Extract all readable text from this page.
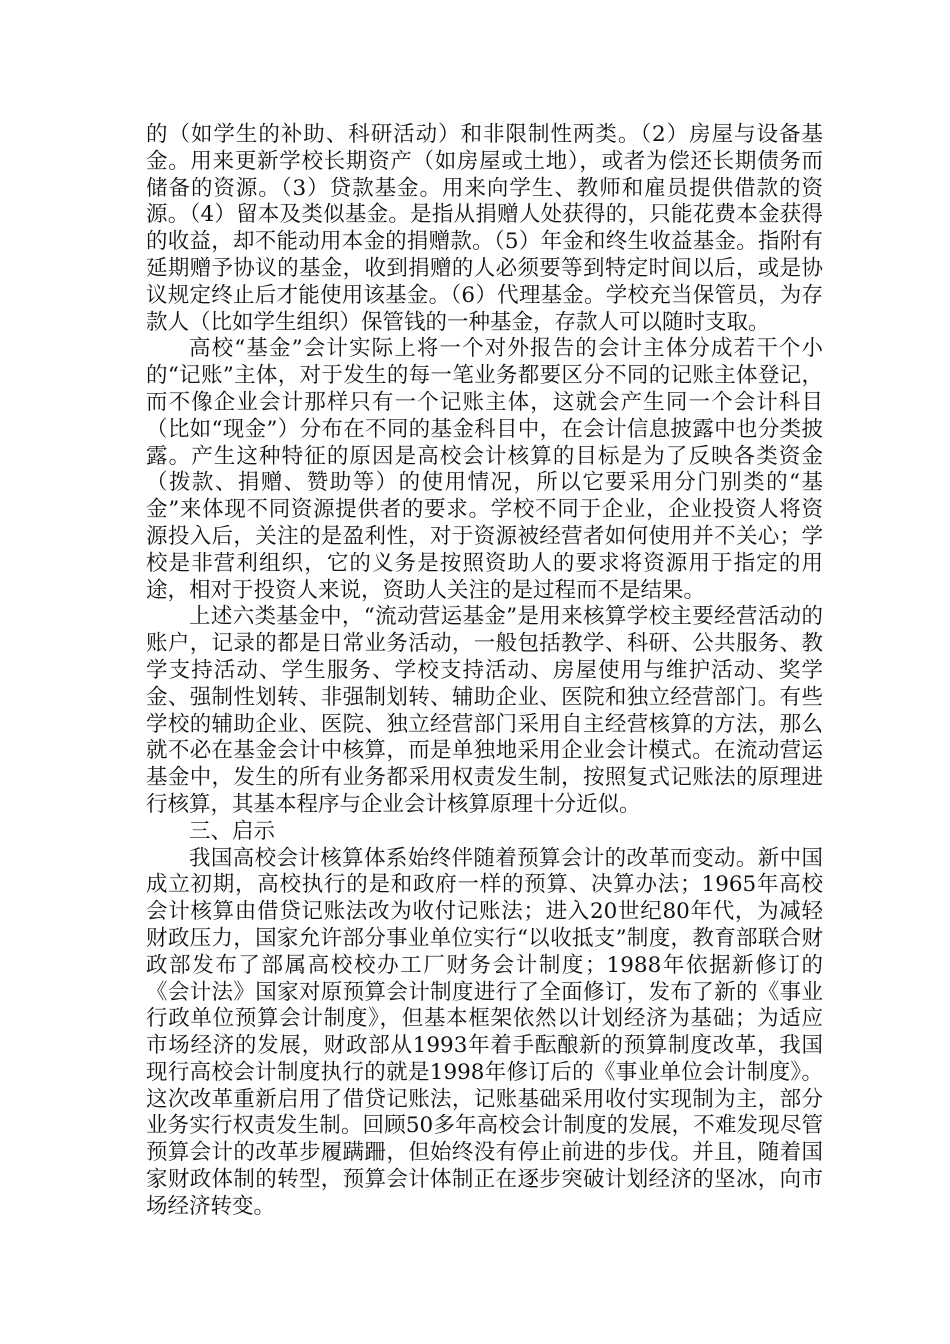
的（如学生的补助、科研活动）和非限制性两类。（2）房屋与设备基金。用来更新学校长期资产（如房屋或土地），或者为偿还长期债务而储备的资源。（3）贷款基金。用来向学生、教师和雇员提供借款的资源。（4）留本及类似基金。是指从捐赠人处获得的，只能花费本金获得的收益，却不能动用本金的捐赠款。（5）年金和终生收益基金。指附有延期赠予协议的基金，收到捐赠的人必须要等到特定时间以后，或是协议规定终止后才能使用该基金。（6）代理基金。学校充当保管员，为存款人（比如学生组织）保管钱的一种基金，存款人可以随时支取。

高校“基金”会计实际上将一个对外报告的会计主体分成若干个小的“记账”主体，对于发生的每一笔业务都要区分不同的记账主体登记，而不像企业会计那样只有一个记账主体，这就会产生同一个会计科目（比如“现金”）分布在不同的基金科目中，在会计信息披露中也分类披露。产生这种特征的原因是高校会计核算的目标是为了反映各类资金（拨款、捐赠、赞助等）的使用情况，所以它要采用分门别类的“基金”来体现不同资源提供者的要求。学校不同于企业，企业投资人将资源投入后，关注的是盈利性，对于资源被经营者如何使用并不关心；学校是非营利组织，它的义务是按照资助人的要求将资源用于指定的用途，相对于投资人来说，资助人关注的是过程而不是结果。

上述六类基金中，“流动营运基金”是用来核算学校主要经营活动的账户，记录的都是日常业务活动，一般包括教学、科研、公共服务、教学支持活动、学生服务、学校支持活动、房屋使用与维护活动、奖学金、强制性划转、非强制划转、辅助企业、医院和独立经营部门。有些学校的辅助企业、医院、独立经营部门采用自主经营核算的方法，那么就不必在基金会计中核算，而是单独地采用企业会计模式。在流动营运基金中，发生的所有业务都采用权责发生制，按照复式记账法的原理进行核算，其基本程序与企业会计核算原理十分近似。

三、启示

我国高校会计核算体系始终伴随着预算会计的改革而变动。新中国成立初期，高校执行的是和政府一样的预算、决算办法；1965年高校会计核算由借贷记账法改为收付记账法；进入20世纪80年代，为减轻财政压力，国家允许部分事业单位实行“以收抵支”制度，教育部联合财政部发布了部属高校校办工厂财务会计制度；1988年依据新修订的《会计法》国家对原预算会计制度进行了全面修订，发布了新的《事业行政单位预算会计制度》，但基本框架依然以计划经济为基础；为适应市场经济的发展，财政部从1993年着手酝酿新的预算制度改革，我国现行高校会计制度执行的就是1998年修订后的《事业单位会计制度》。这次改革重新启用了借贷记账法，记账基础采用收付实现制为主，部分业务实行权责发生制。回顾50多年高校会计制度的发展，不难发现尽管预算会计的改革步履蹒跚，但始终没有停止前进的步伐。并且，随着国家财政体制的转型，预算会计体制正在逐步突破计划经济的坚冰，向市场经济转变。
